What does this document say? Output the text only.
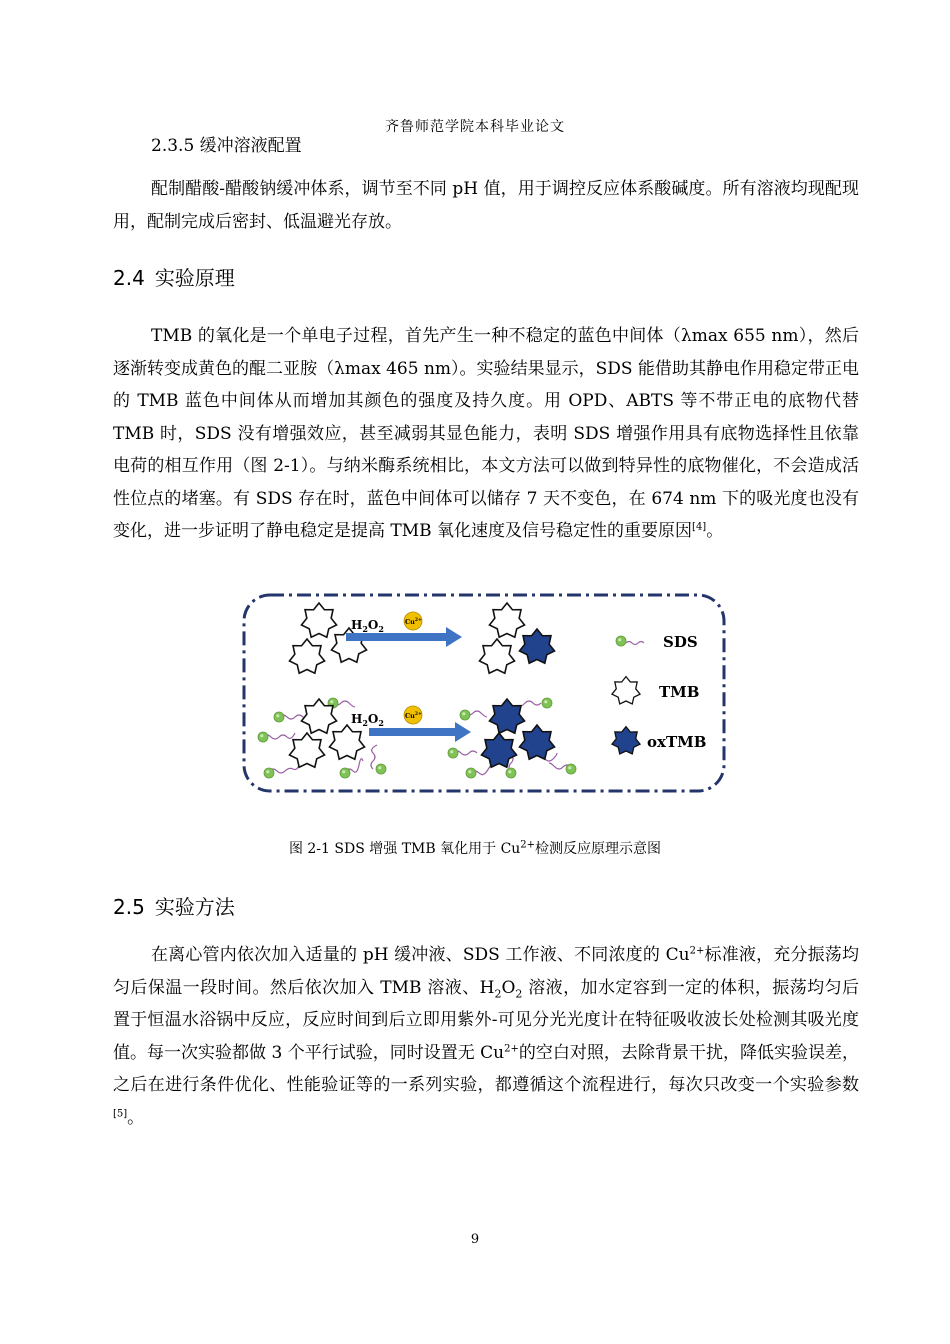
齐鲁师范学院本科毕业论文
2.3.5 缓冲溶液配置

配制醋酸-醋酸钠缓冲体系，调节至不同 pH 值，用于调控反应体系酸碱度。所有溶液均现配现用，配制完成后密封、低温避光存放。

2.4 实验原理

TMB 的氧化是一个单电子过程，首先产生一种不稳定的蓝色中间体（λmax 655 nm），然后逐渐转变成黄色的醌二亚胺（λmax 465 nm）。实验结果显示，SDS 能借助其静电作用稳定带正电的 TMB 蓝色中间体从而增加其颜色的强度及持久度。用 OPD、ABTS 等不带正电的底物代替 TMB 时，SDS 没有增强效应，甚至减弱其显色能力，表明 SDS 增强作用具有底物选择性且依靠电荷的相互作用（图 2-1）。与纳米酶系统相比，本文方法可以做到特异性的底物催化，不会造成活性位点的堵塞。有 SDS 存在时，蓝色中间体可以储存 7 天不变色，在 674 nm 下的吸光度也没有变化，进一步证明了静电稳定是提高 TMB 氧化速度及信号稳定性的重要原因[4]。

$H_2O_2$
$Cu^{2+}$
$H_2O_2$
$Cu^{2+}$
SDS
TMB
oxTMB
图 2-1 SDS 增强 TMB 氧化用于 $Cu^{2+}$检测反应原理示意图
2.5 实验方法

在离心管内依次加入适量的 pH 缓冲液、SDS 工作液、不同浓度的 $Cu^{2+}$标准液，充分振荡均匀后保温一段时间。然后依次加入 TMB 溶液、$H_2O_2$ 溶液，加水定容到一定的体积，振荡均匀后置于恒温水浴锅中反应，反应时间到后立即用紫外-可见分光光度计在特征吸收波长处检测其吸光度值。每一次实验都做 3 个平行试验，同时设置无 $Cu^{2+}$的空白对照，去除背景干扰，降低实验误差，之后在进行条件优化、性能验证等的一系列实验，都遵循这个流程进行，每次只改变一个实验参数[5]。

9
